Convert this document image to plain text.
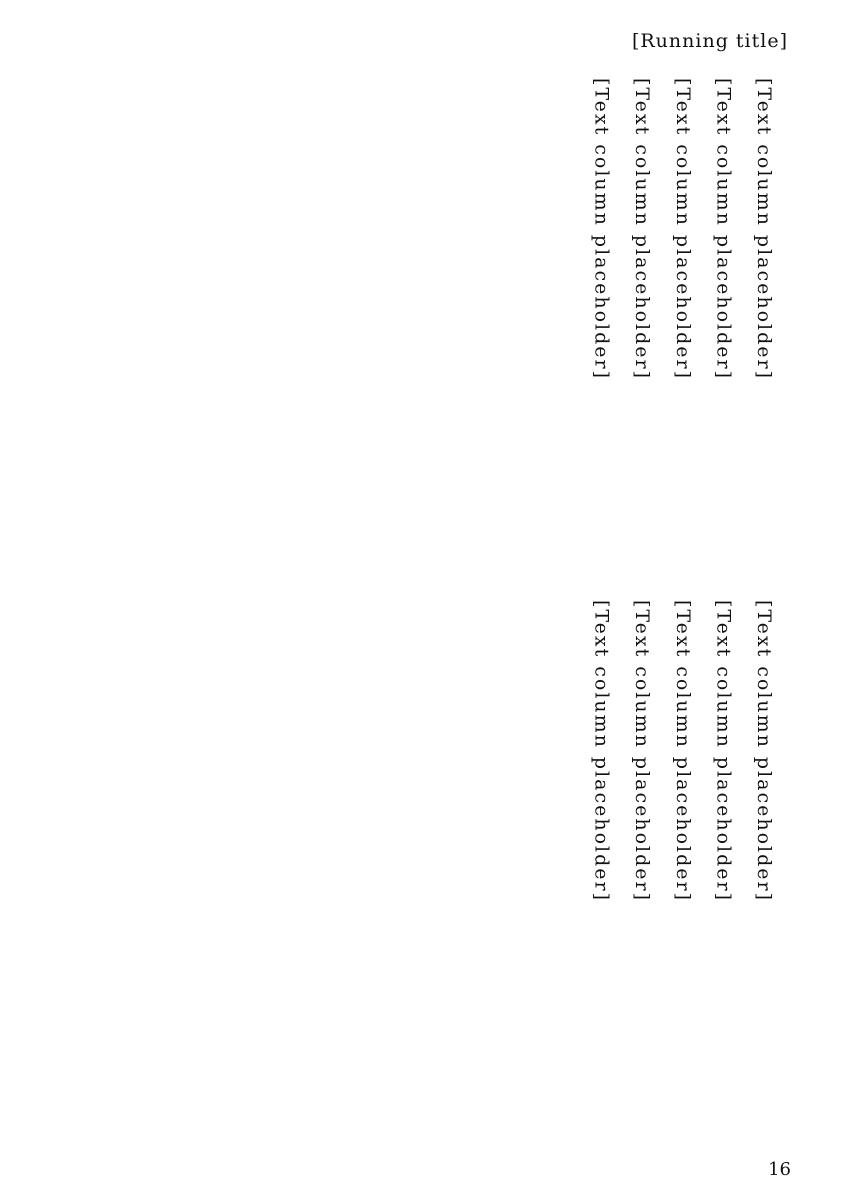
[Running title]

[Text column placeholder]

[Text column placeholder]

[Text column placeholder]

[Text column placeholder]

[Text column placeholder]

[Text column placeholder]

[Text column placeholder]

[Text column placeholder]

[Text column placeholder]

[Text column placeholder]

16
